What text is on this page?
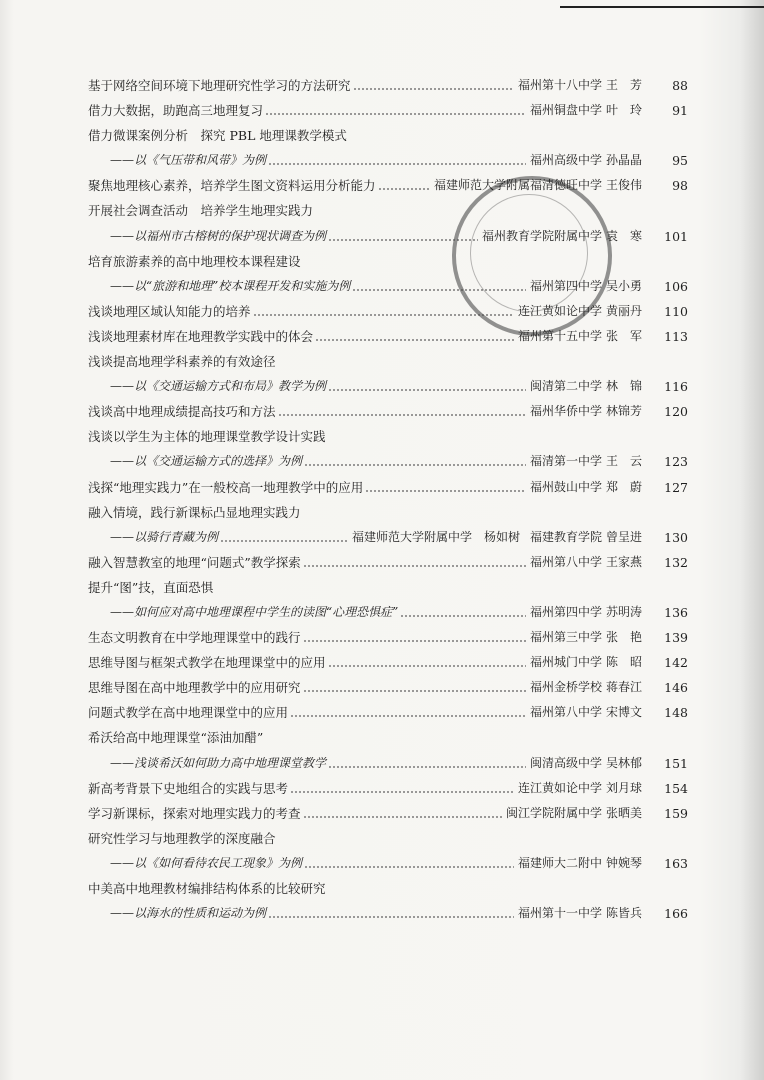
基于网络空间环境下地理研究性学习的方法研究	福州第十八中学 王　芳	88
借力大数据，助跑高三地理复习	福州铜盘中学 叶　玲	91
借力微课案例分析　探究 PBL 地理课教学模式
——以《气压带和风带》为例	福州高级中学 孙晶晶	95
聚焦地理核心素养，培养学生图文资料运用分析能力	福建师范大学附属福清德旺中学 王俊伟	98
开展社会调查活动　培养学生地理实践力
——以福州市古榕树的保护现状调查为例	福州教育学院附属中学 袁　寒	101
培育旅游素养的高中地理校本课程建设
——以“旅游和地理”校本课程开发和实施为例	福州第四中学 吴小勇	106
浅谈地理区域认知能力的培养	连江黄如论中学 黄丽丹	110
浅谈地理素材库在地理教学实践中的体会	福州第十五中学 张　军	113
浅谈提高地理学科素养的有效途径
——以《交通运输方式和布局》教学为例	闽清第二中学 林　锦	116
浅谈高中地理成绩提高技巧和方法	福州华侨中学 林锦芳	120
浅谈以学生为主体的地理课堂教学设计实践
——以《交通运输方式的选择》为例	福清第一中学 王　云	123
浅探“地理实践力”在一般校高一地理教学中的应用	福州鼓山中学 郑　蔚	127
融入情境，践行新课标凸显地理实践力
——以骑行青藏为例	福建师范大学附属中学　杨如树 福建教育学院 曾呈进	130
融入智慧教室的地理“问题式”教学探索	福州第八中学 王家燕	132
提升“图”技，直面恐惧
——如何应对高中地理课程中学生的读图“心理恐惧症”	福州第四中学 苏明涛	136
生态文明教育在中学地理课堂中的践行	福州第三中学 张　艳	139
思维导图与框架式教学在地理课堂中的应用	福州城门中学 陈　昭	142
思维导图在高中地理教学中的应用研究	福州金桥学校 蒋春江	146
问题式教学在高中地理课堂中的应用	福州第八中学 宋博文	148
希沃给高中地理课堂“添油加醋”
——浅谈希沃如何助力高中地理课堂教学	闽清高级中学 吴林郁	151
新高考背景下史地组合的实践与思考	连江黄如论中学 刘月球	154
学习新课标，探索对地理实践力的考查	闽江学院附属中学 张晒美	159
研究性学习与地理教学的深度融合
——以《如何看待农民工现象》为例	福建师大二附中 钟婉琴	163
中美高中地理教材编排结构体系的比较研究
——以海水的性质和运动为例	福州第十一中学 陈皆兵	166
